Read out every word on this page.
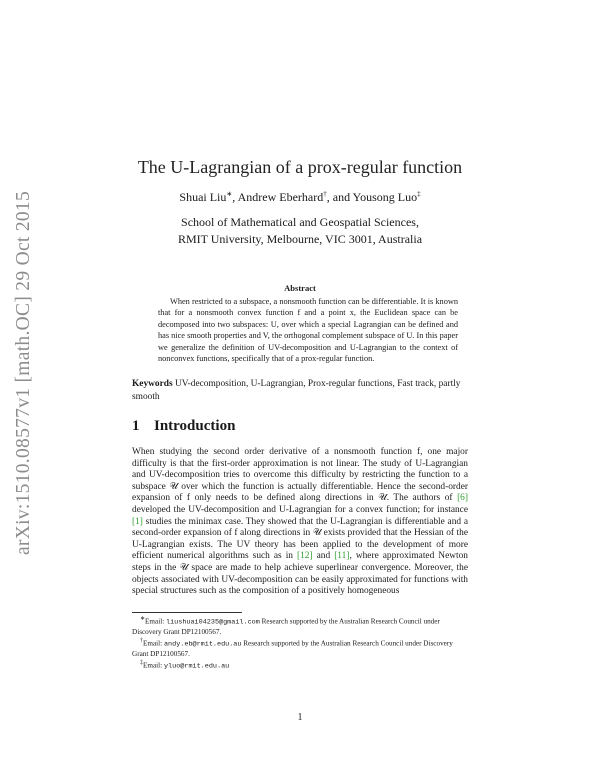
arXiv:1510.08577v1 [math.OC] 29 Oct 2015
The U-Lagrangian of a prox-regular function
Shuai Liu∗, Andrew Eberhard†, and Yousong Luo‡
School of Mathematical and Geospatial Sciences,
RMIT University, Melbourne, VIC 3001, Australia
Abstract
When restricted to a subspace, a nonsmooth function can be differentiable. It is known that for a nonsmooth convex function f and a point x, the Euclidean space can be decomposed into two subspaces: U, over which a special Lagrangian can be defined and has nice smooth properties and V, the orthogonal complement subspace of U. In this paper we generalize the definition of UV-decomposition and U-Lagrangian to the context of nonconvex functions, specifically that of a prox-regular function.
Keywords UV-decomposition, U-Lagrangian, Prox-regular functions, Fast track, partly smooth
1 Introduction
When studying the second order derivative of a nonsmooth function f, one major difficulty is that the first-order approximation is not linear. The study of U-Lagrangian and UV-decomposition tries to overcome this difficulty by restricting the function to a subspace 𝒰 over which the function is actually differentiable. Hence the second-order expansion of f only needs to be defined along directions in 𝒰. The authors of [6] developed the UV-decomposition and U-Lagrangian for a convex function; for instance [1] studies the minimax case. They showed that the U-Lagrangian is differentiable and a second-order expansion of f along directions in 𝒰 exists provided that the Hessian of the U-Lagrangian exists. The UV theory has been applied to the development of more efficient numerical algorithms such as in [12] and [11], where approximated Newton steps in the 𝒰 space are made to help achieve superlinear convergence. Moreover, the objects associated with UV-decomposition can be easily approximated for functions with special structures such as the composition of a positively homogeneous

∗Email: liushuai04235@gmail.com Research supported by the Australian Research Council under Discovery Grant DP12100567.

†Email: andy.eb@rmit.edu.au Research supported by the Australian Research Council under Discovery Grant DP12100567.

‡Email: yluo@rmit.edu.au

1
